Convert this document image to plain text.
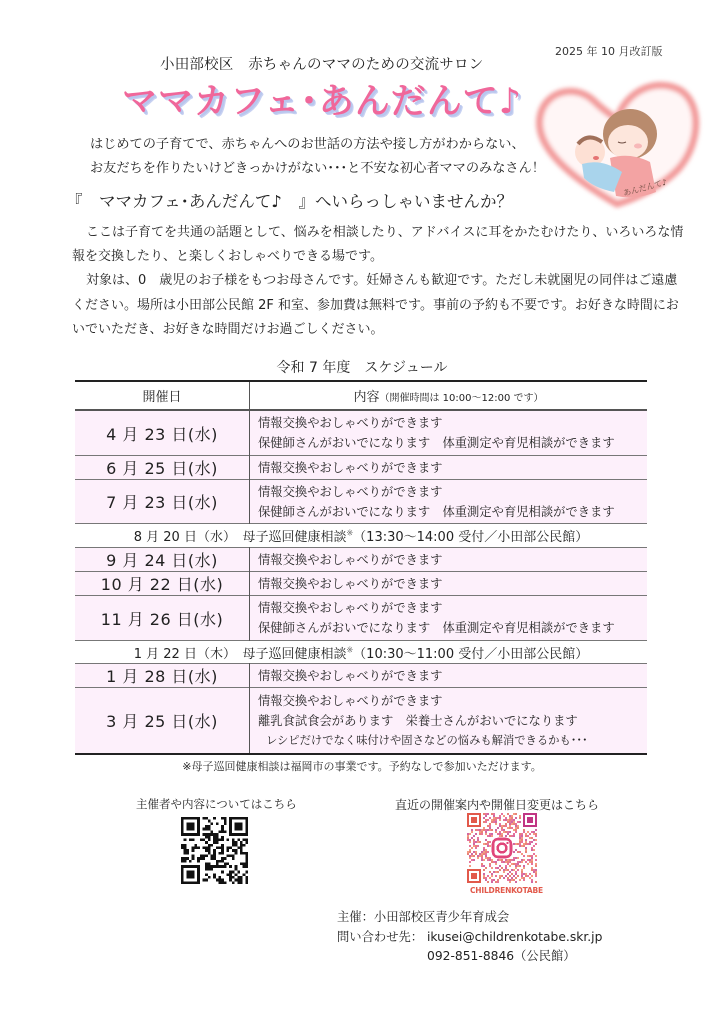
2025 年 10 月改訂版
小田部校区　赤ちゃんのママのための交流サロン
ママカフェ･あんだんて♪
あんだんて♪
はじめての子育てで、赤ちゃんへのお世話の方法や接し方がわからない、
お友だちを作りたいけどきっかけがない･･･と不安な初心者ママのみなさん！
『　ママカフェ･あんだんて♪　』へいらっしゃいませんか？

ここは子育てを共通の話題として、悩みを相談したり、アドバイスに耳をかたむけたり、いろいろな情報を交換したり、と楽しくおしゃべりできる場です。

対象は、0　歳児のお子様をもつお母さんです。妊婦さんも歓迎です。ただし未就園児の同伴はご遠慮ください。場所は小田部公民館 2F 和室、参加費は無料です。事前の予約も不要です。お好きな時間においでいただき、お好きな時間だけお過ごしください。

令和 7 年度　スケジュール
開催日	内容（開催時間は 10:00～12:00 です）
4 月 23 日(水)	情報交換やおしゃべりができます
保健師さんがおいでになります　体重測定や育児相談ができます

6 月 25 日(水)	情報交換やおしゃべりができます

7 月 23 日(水)	情報交換やおしゃべりができます
保健師さんがおいでになります　体重測定や育児相談ができます

8 月 20 日（水）　母子巡回健康相談※（13:30～14:00 受付／小田部公民館）	
9 月 24 日(水)	情報交換やおしゃべりができます

10 月 22 日(水)	情報交換やおしゃべりができます

11 月 26 日(水)	情報交換やおしゃべりができます
保健師さんがおいでになります　体重測定や育児相談ができます

1 月 22 日（木）　母子巡回健康相談※（10:30～11:00 受付／小田部公民館）	
1 月 28 日(水)	情報交換やおしゃべりができます

3 月 25 日(水)	情報交換やおしゃべりができます
離乳食試食会があります　栄養士さんがおいでになります
レシピだけでなく味付けや固さなどの悩みも解消できるかも･･･
※母子巡回健康相談は福岡市の事業です。予約なしで参加いただけます。
主催者や内容についてはこちら	直近の開催案内や開催日変更はこちら
CHILDRENKOTABE
主催：小田部校区青少年育成会
問い合わせ先： ikusei@childrenkotabe.skr.jp
092-851-8846（公民館）
